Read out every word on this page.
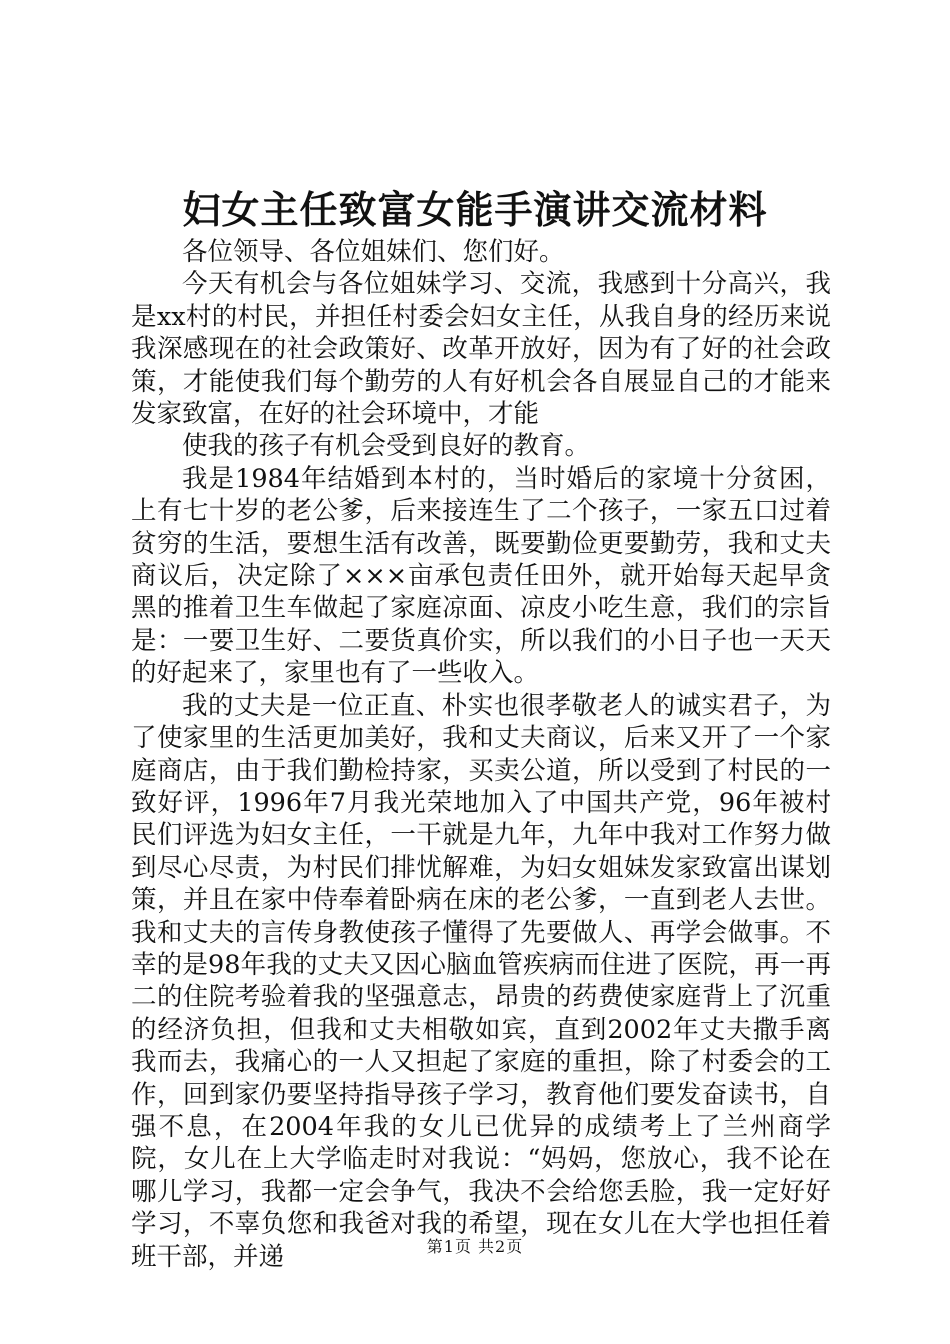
妇女主任致富女能手演讲交流材料

各位领导、各位姐妹们、您们好。

今天有机会与各位姐妹学习、交流，我感到十分高兴，我是xx村的村民，并担任村委会妇女主任，从我自身的经历来说我深感现在的社会政策好、改革开放好，因为有了好的社会政策，才能使我们每个勤劳的人有好机会各自展显自己的才能来发家致富，在好的社会环境中，才能

使我的孩子有机会受到良好的教育。

我是1984年结婚到本村的，当时婚后的家境十分贫困，上有七十岁的老公爹，后来接连生了二个孩子，一家五口过着贫穷的生活，要想生活有改善，既要勤俭更要勤劳，我和丈夫商议后，决定除了×××亩承包责任田外，就开始每天起早贪黑的推着卫生车做起了家庭凉面、凉皮小吃生意，我们的宗旨是：一要卫生好、二要货真价实，所以我们的小日子也一天天的好起来了，家里也有了一些收入。

我的丈夫是一位正直、朴实也很孝敬老人的诚实君子，为了使家里的生活更加美好，我和丈夫商议，后来又开了一个家庭商店，由于我们勤检持家，买卖公道，所以受到了村民的一致好评，1996年7月我光荣地加入了中国共产党，96年被村民们评选为妇女主任，一干就是九年，九年中我对工作努力做到尽心尽责，为村民们排忧解难，为妇女姐妹发家致富出谋划策，并且在家中侍奉着卧病在床的老公爹，一直到老人去世。我和丈夫的言传身教使孩子懂得了先要做人、再学会做事。不幸的是98年我的丈夫又因心脑血管疾病而住进了医院，再一再二的住院考验着我的坚强意志，昂贵的药费使家庭背上了沉重的经济负担，但我和丈夫相敬如宾，直到2002年丈夫撒手离我而去，我痛心的一人又担起了家庭的重担，除了村委会的工作，回到家仍要坚持指导孩子学习，教育他们要发奋读书，自强不息，在2004年我的女儿已优异的成绩考上了兰州商学院，女儿在上大学临走时对我说：“妈妈，您放心，我不论在哪儿学习，我都一定会争气，我决不会给您丢脸，我一定好好学习，不辜负您和我爸对我的希望，现在女儿在大学也担任着班干部，并递	第1页 共2页
